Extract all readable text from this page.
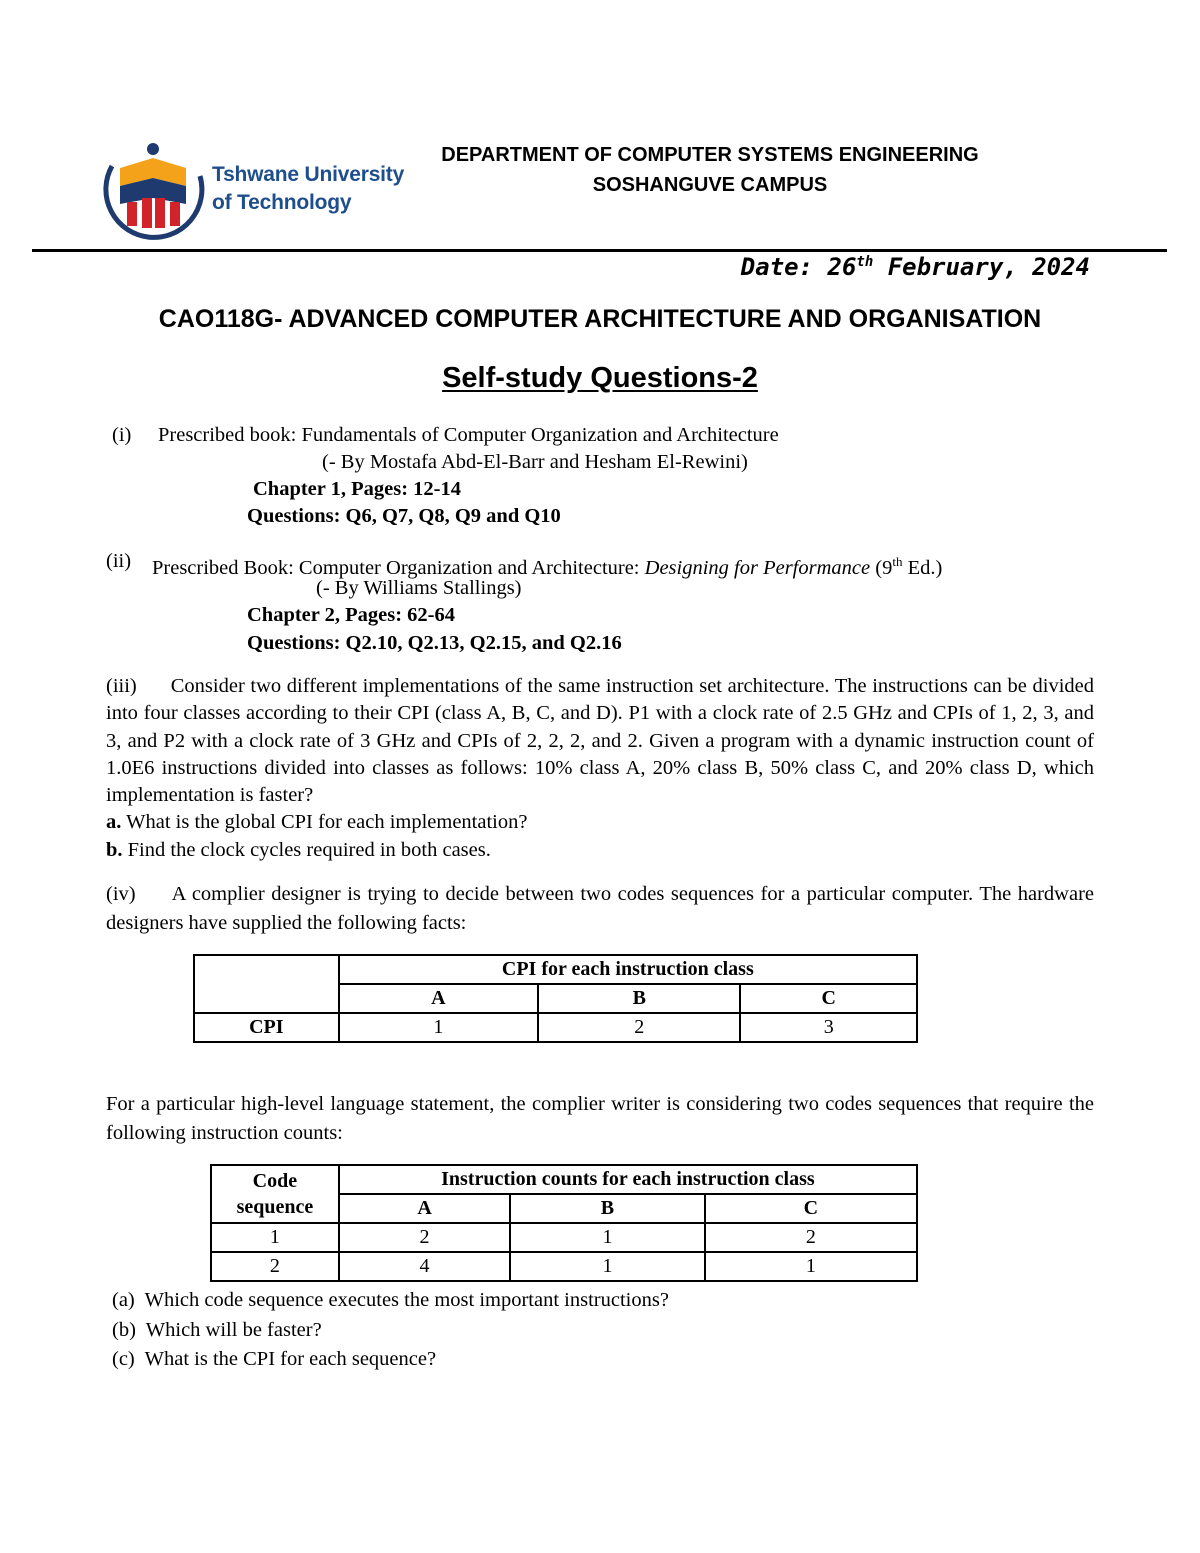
Tshwane University
of Technology
DEPARTMENT OF COMPUTER SYSTEMS ENGINEERING
SOSHANGUVE CAMPUS
Date: 26th February, 2024
CAO118G- ADVANCED COMPUTER ARCHITECTURE AND ORGANISATION
Self-study Questions-2
(i) Prescribed book: Fundamentals of Computer Organization and Architecture
(- By Mostafa Abd-El-Barr and Hesham El-Rewini)
Chapter 1, Pages: 12-14
Questions: Q6, Q7, Q8, Q9 and Q10
(ii) Prescribed Book: Computer Organization and Architecture: Designing for Performance (9th Ed.)
(- By Williams Stallings)
Chapter 2, Pages: 62-64
Questions: Q2.10, Q2.13, Q2.15, and Q2.16

(iii) Consider two different implementations of the same instruction set architecture. The instructions can be divided into four classes according to their CPI (class A, B, C, and D). P1 with a clock rate of 2.5 GHz and CPIs of 1, 2, 3, and 3, and P2 with a clock rate of 3 GHz and CPIs of 2, 2, 2, and 2. Given a program with a dynamic instruction count of 1.0E6 instructions divided into classes as follows: 10% class A, 20% class B, 50% class C, and 20% class D, which implementation is faster?

a. What is the global CPI for each implementation?

b. Find the clock cycles required in both cases.

(iv) A complier designer is trying to decide between two codes sequences for a particular computer. The hardware designers have supplied the following facts:
	CPI for each instruction class		
	A	B	C
CPI	1	2	3
For a particular high-level language statement, the complier writer is considering two codes sequences that require the following instruction counts:
Code sequence	Instruction counts for each instruction class		
	A	B	C
1	2	1	2
2	4	1	1
(a)  Which code sequence executes the most important instructions?
(b)  Which will be faster?
(c)  What is the CPI for each sequence?
